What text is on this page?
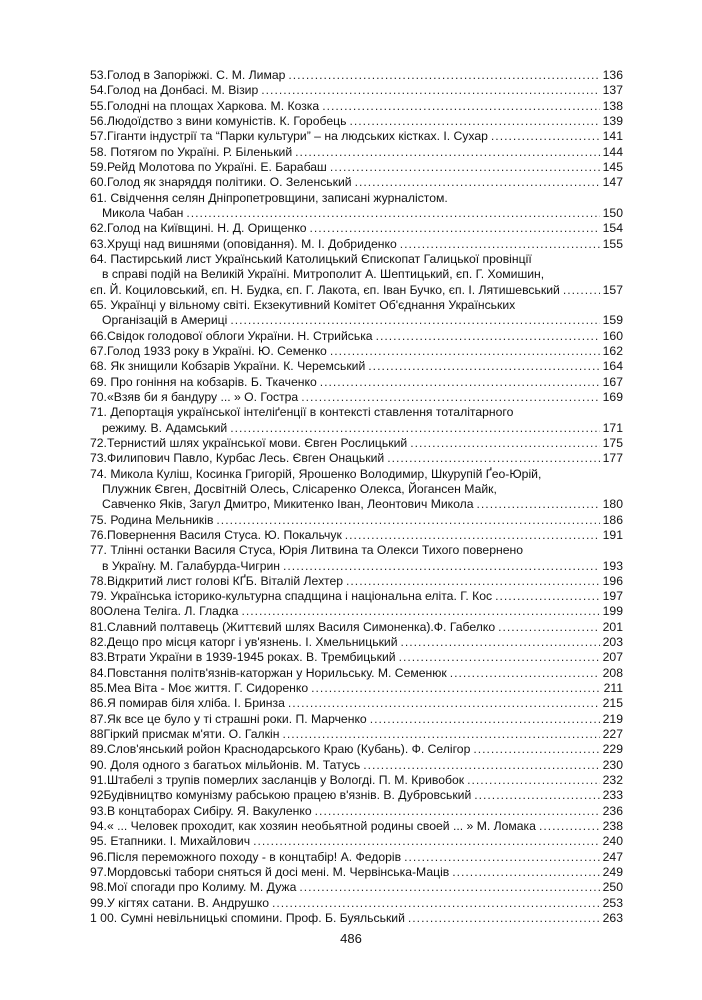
53.Голод в Запоріжжі. С. М. Лимар .....	136
54.Голод на Донбасі. М. Візир .....	137
55.Голодні на площах Харкова. М. Козка .....	138
56.Людоїдство з вини комуністів. К. Горобець .....	139
57.Гіганти індустрії та “Парки культури” – на людських кістках. І. Сухар .....	141
58. Потягом по Україні. Р. Біленький .....	144
59.Рейд Молотова по Україні. Е. Барабаш .....	145
60.Голод як знаряддя політики. О. Зеленський .....	147
61. Свідчення селян Дніпропетровщини, записані журналістом.
Микола Чабан .....	150
62.Голод на Київщині. Н. Д. Орищенко .....	154
63.Хрущі над вишнями (оповідання). М. І. Добриденко .....	155
64. Пастирський лист Український Католицький Єпископат Галицької провінції
в справі подій на Великій Україні. Митрополит А. Шептицький, єп. Г. Хомишин,
єп. Й. Коциловський, єп. Н. Будка, єп. Г. Лакота, єп. Іван Бучко, єп. І. Лятишевський .....	157
65. Українці у вільному світі. Екзекутивний Комітет Об'єднання Українських
Організацій в Америці .....	159
66.Свідок голодової облоги України. Н. Стрийська .....	160
67.Голод 1933 року в Україні. Ю. Семенко .....	162
68. Як знищили Кобзарів України. К. Черемський .....	164
69. Про гоніння на кобзарів. Б. Ткаченко .....	167
70.«Взяв би я бандуру ... » О. Гостра .....	169
71. Депортація української інтеліґенції в контексті ставлення тоталітарного
режиму. В. Адамський .....	171
72.Тернистий шлях української мови. Євген Рослицький .....	175
73.Филипович Павло, Курбас Лесь. Євген Онацький .....	177
74. Микола Куліш, Косинка Григорій, Ярошенко Володимир, Шкурупій Ґео-Юрій,
Плужник Євген, Досвітній Олесь, Слісаренко Олекса, Йогансен Майк,
Савченко Яків, Загул Дмитро, Микитенко Іван, Леонтович Микола .....	180
75. Родина Мельників .....	186
76.Повернення Василя Стуса. Ю. Покальчук .....	191
77. Тлінні останки Василя Стуса, Юрія Литвина та Олекси Тихого повернено
в Україну. М. Галабурда-Чигрин .....	193
78.Відкритий лист голові КҐБ. Віталій Лехтер .....	196
79. Українська історико-культурна спадщина і національна еліта. Г. Кос .....	197
80Олена Теліга. Л. Гладка .....	199
81.Славний полтавець (Життєвий шлях Василя Симоненка).Ф. Габелко .....	201
82.Дещо про місця каторг і ув'язнень. І. Хмельницький .....	203
83.Втрати України в 1939-1945 роках. В. Трембицький .....	207
84.Повстання політв'язнів-каторжан у Норильську. М. Семенюк .....	208
85.Меа Віта - Моє життя. Г. Сидоренко .....	211
86.Я помирав біля хліба. І. Бринза .....	215
87.Як все це було у ті страшні роки. П. Марченко .....	219
88Гіркий присмак м'яти. О. Галкін .....	227
89.Слов'янський ройон Краснодарського Краю (Кубань). Ф. Селігор .....	229
90. Доля одного з багатьох мільйонів. М. Татусь .....	230
91.Штабелі з трупів померлих засланців у Вологді. П. М. Кривобок .....	232
92Будівництво комунізму рабською працею в'язнів. В. Дубровський .....	233
93.В концтаборах Сибіру. Я. Вакуленко .....	236
94.« ... Человек проходит, как хозяин необьятной родины своей ... » М. Ломака .....	238
95. Етапники. І. Михайлович .....	240
96.Після переможного походу - в концтабір! А. Федорів .....	247
97.Мордовські табори сняться й досі мені. М. Червінська-Маців .....	249
98.Мої спогади про Колиму. М. Дужа .....	250
99.У кігтях сатани. В. Андрушко .....	253
1 00. Сумні невільницькі спомини. Проф. Б. Буяльський .....	263
486
